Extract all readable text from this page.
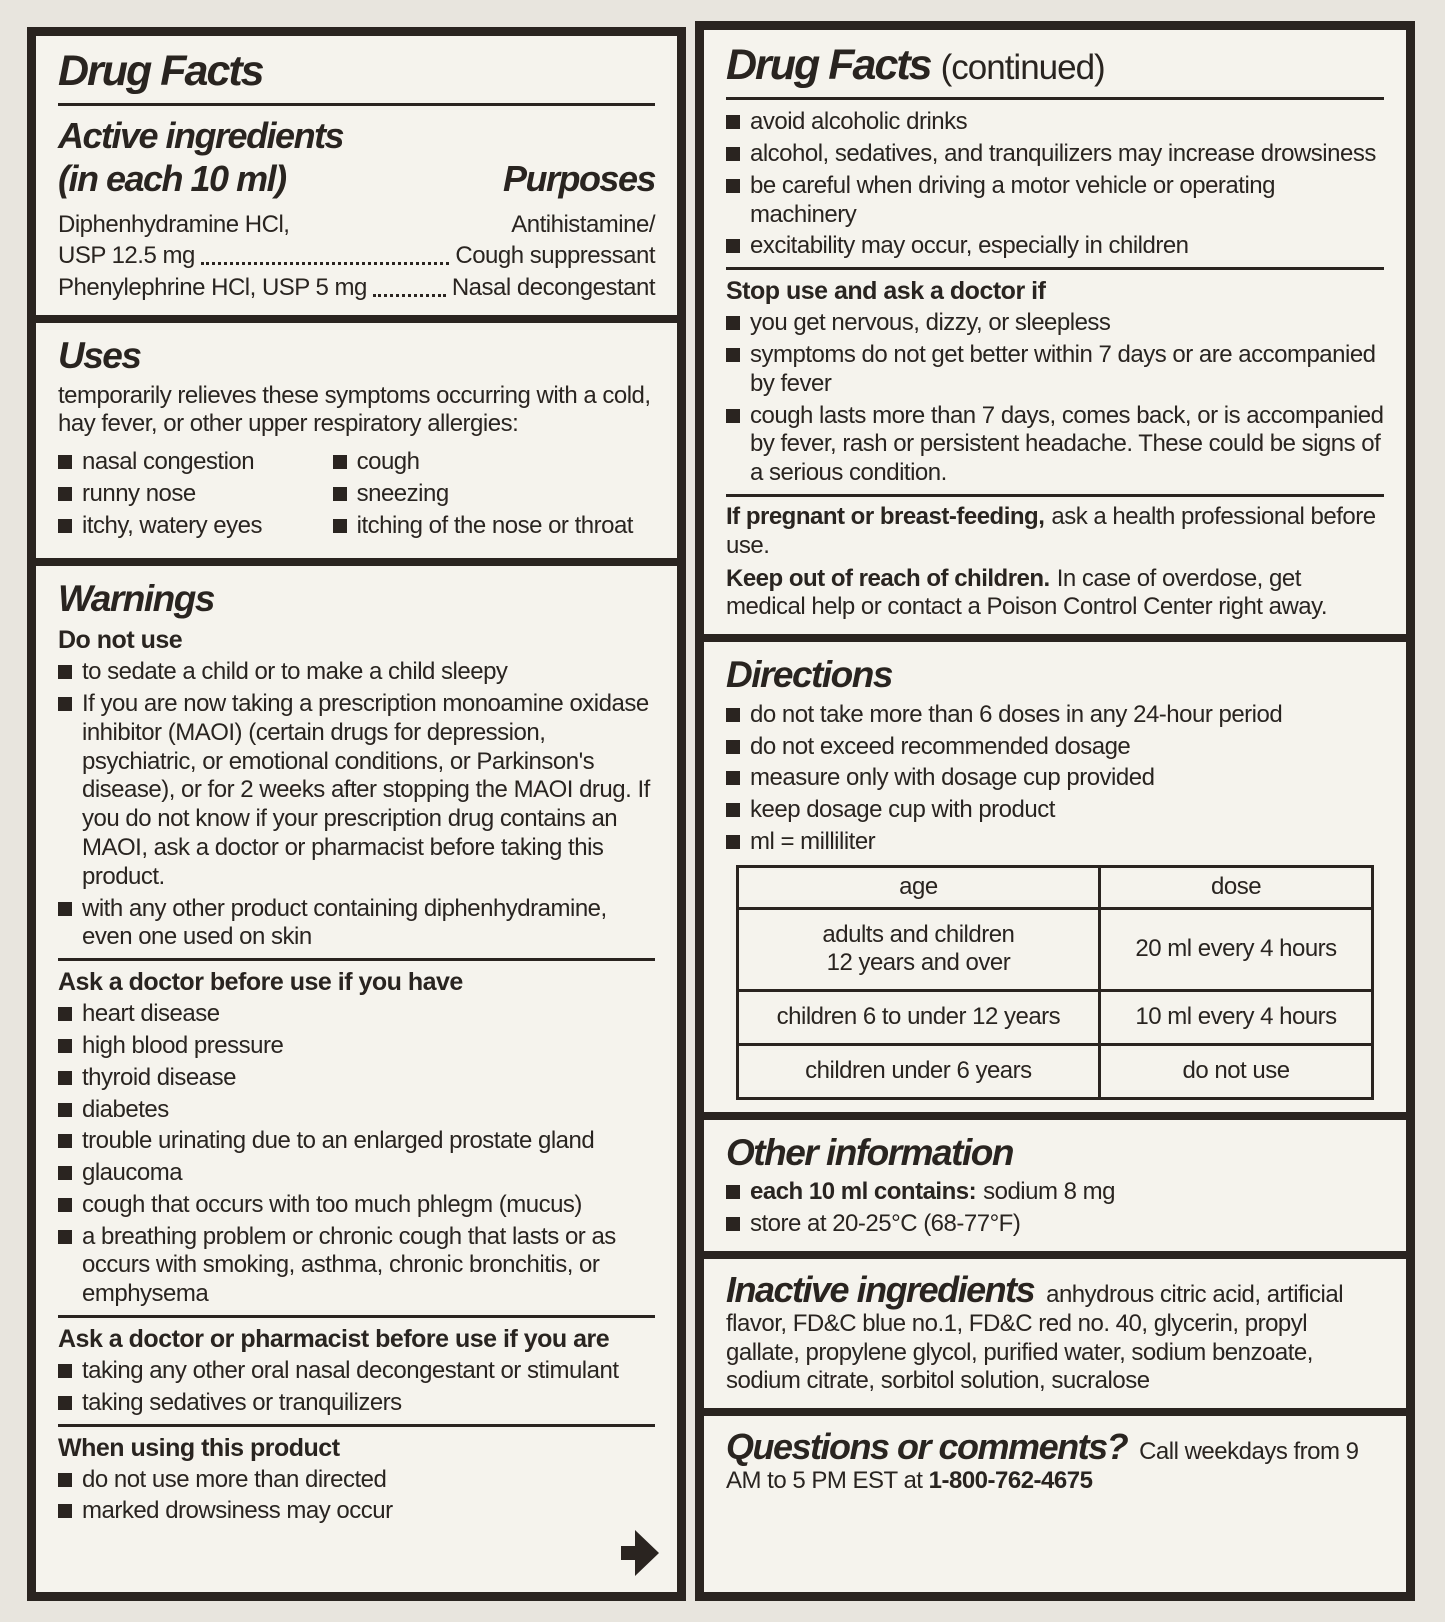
Drug Facts
Active ingredients
(in each 10 ml)	Purposes
Diphenhydramine HCl,	Antihistamine/
USP 12.5 mg	Cough suppressant
Phenylephrine HCl, USP 5 mg	Nasal decongestant
Uses
temporarily relieves these symptoms occurring with a cold, hay fever, or other upper respiratory allergies:
nasal congestion
runny nose
itchy, watery eyes
cough
sneezing
itching of the nose or throat
Warnings
Do not use
to sedate a child or to make a child sleepy
If you are now taking a prescription monoamine oxidase inhibitor (MAOI) (certain drugs for depression, psychiatric, or emotional conditions, or Parkinson's disease), or for 2 weeks after stopping the MAOI drug. If you do not know if your prescription drug contains an MAOI, ask a doctor or pharmacist before taking this product.
with any other product containing diphenhydramine, even one used on skin
Ask a doctor before use if you have
heart disease
high blood pressure
thyroid disease
diabetes
trouble urinating due to an enlarged prostate gland
glaucoma
cough that occurs with too much phlegm (mucus)
a breathing problem or chronic cough that lasts or as occurs with smoking, asthma, chronic bronchitis, or emphysema
Ask a doctor or pharmacist before use if you are
taking any other oral nasal decongestant or stimulant
taking sedatives or tranquilizers
When using this product
do not use more than directed
marked drowsiness may occur
Drug Facts (continued)
avoid alcoholic drinks
alcohol, sedatives, and tranquilizers may increase drowsiness
be careful when driving a motor vehicle or operating machinery
excitability may occur, especially in children
Stop use and ask a doctor if
you get nervous, dizzy, or sleepless
symptoms do not get better within 7 days or are accompanied by fever
cough lasts more than 7 days, comes back, or is accompanied by fever, rash or persistent headache. These could be signs of a serious condition.

If pregnant or breast-feeding, ask a health professional before use.

Keep out of reach of children. In case of overdose, get medical help or contact a Poison Control Center right away.

Directions
do not take more than 6 doses in any 24-hour period
do not exceed recommended dosage
measure only with dosage cup provided
keep dosage cup with product
ml = milliliter
age	dose

adults and children
12 years and over	20 ml every 4 hours

children 6 to under 12 years	10 ml every 4 hours

children under 6 years	do not use
Other information
each 10 ml contains: sodium 8 mg
store at 20-25°C (68-77°F)

Inactive ingredients anhydrous citric acid, artificial flavor, FD&C blue no.1, FD&C red no. 40, glycerin, propyl gallate, propylene glycol, purified water, sodium benzoate, sodium citrate, sorbitol solution, sucralose

Questions or comments? Call weekdays from 9 AM to 5 PM EST at 1-800-762-4675
